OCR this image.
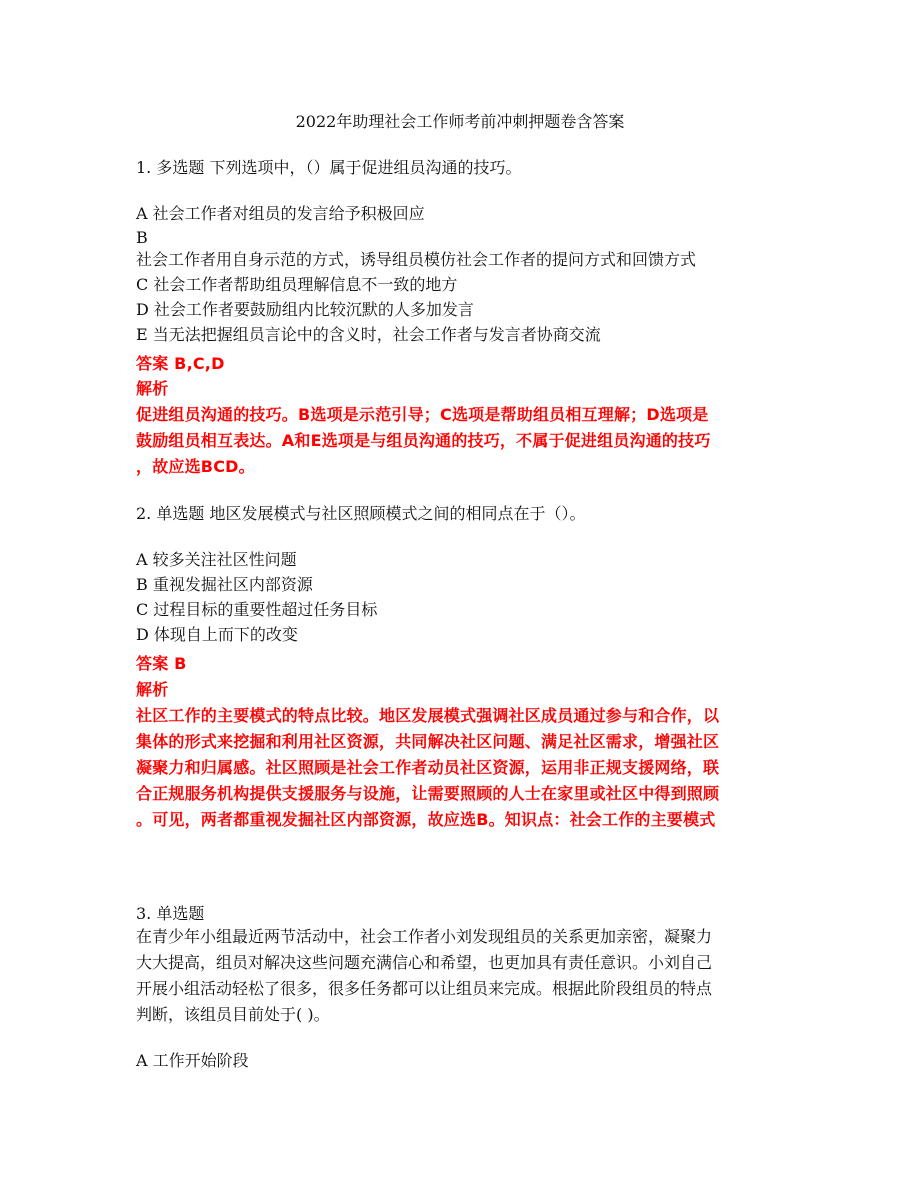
2022年助理社会工作师考前冲刺押题卷含答案
1. 多选题 下列选项中，（）属于促进组员沟通的技巧。
A 社会工作者对组员的发言给予积极回应
B
社会工作者用自身示范的方式，诱导组员模仿社会工作者的提问方式和回馈方式
C 社会工作者帮助组员理解信息不一致的地方
D 社会工作者要鼓励组内比较沉默的人多加发言
E 当无法把握组员言论中的含义时，社会工作者与发言者协商交流
答案 B,C,D
解析
促进组员沟通的技巧。B选项是示范引导；C选项是帮助组员相互理解；D选项是
鼓励组员相互表达。A和E选项是与组员沟通的技巧，不属于促进组员沟通的技巧
，故应选BCD。
2. 单选题 地区发展模式与社区照顾模式之间的相同点在于（）。
A 较多关注社区性问题
B 重视发掘社区内部资源
C 过程目标的重要性超过任务目标
D 体现自上而下的改变
答案 B
解析
社区工作的主要模式的特点比较。地区发展模式强调社区成员通过参与和合作，以
集体的形式来挖掘和利用社区资源，共同解决社区问题、满足社区需求，增强社区
凝聚力和归属感。社区照顾是社会工作者动员社区资源，运用非正规支援网络，联
合正规服务机构提供支援服务与设施，让需要照顾的人士在家里或社区中得到照顾
。可见，两者都重视发掘社区内部资源，故应选B。知识点：社会工作的主要模式
3. 单选题
在青少年小组最近两节活动中，社会工作者小刘发现组员的关系更加亲密，凝聚力
大大提高，组员对解决这些问题充满信心和希望，也更加具有责任意识。小刘自己
开展小组活动轻松了很多，很多任务都可以让组员来完成。根据此阶段组员的特点
判断，该组员目前处于( )。
A 工作开始阶段
